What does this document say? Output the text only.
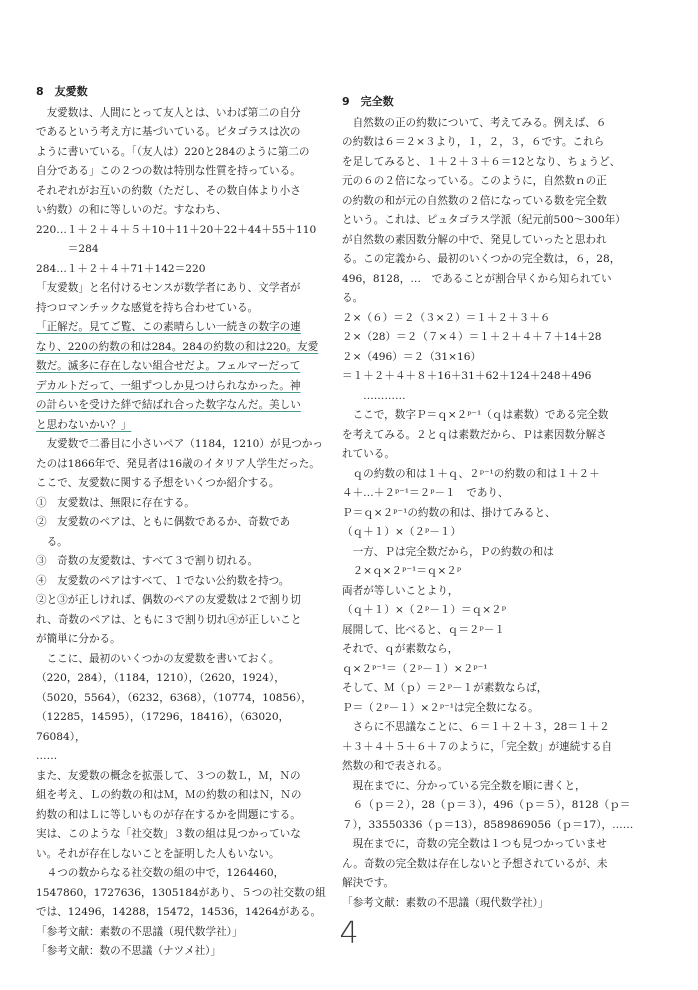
8　友愛数

　友愛数は、人間にとって友人とは、いわば第二の自分

であるという考え方に基づいている。ピタゴラスは次の

ように書いている。「（友人は）220と284のように第二の

自分である」この２つの数は特別な性質を持っている。

それぞれがお互いの約数（ただし、その数自体より小さ

い約数）の和に等しいのだ。すなわち、

220…１＋２＋４＋５＋10＋11＋20＋22＋44＋55＋110

　　　＝284

284…１＋２＋４＋71＋142＝220

「友愛数」と名付けるセンスが数学者にあり、文学者が

持つロマンチックな感覚を持ち合わせている。

「正解だ。見てご覧、この素晴らしい一続きの数字の連

なり、220の約数の和は284。284の約数の和は220。友愛

数だ。滅多に存在しない組合せだよ。フェルマーだって

デカルトだって、一組ずつしか見つけられなかった。神

の計らいを受けた絆で結ばれ合った数字なんだ。美しい

と思わないかい？」

　友愛数で二番目に小さいペア（1184，1210）が見つかっ

たのは1866年で、発見者は16歳のイタリア人学生だった。

ここで、友愛数に関する予想をいくつか紹介する。

①　友愛数は、無限に存在する。

②　友愛数のペアは、ともに偶数であるか、奇数であ

　る。

③　奇数の友愛数は、すべて３で割り切れる。

④　友愛数のペアはすべて、１でない公約数を持つ。

②と③が正しければ、偶数のペアの友愛数は２で割り切

れ、奇数のペアは、ともに３で割り切れ④が正しいこと

が簡単に分かる。

　ここに、最初のいくつかの友愛数を書いておく。

（220，284），（1184，1210），（2620，1924），

（5020，5564），（6232，6368），（10774，10856），

（12285，14595），（17296，18416），（63020，76084），

……

また、友愛数の概念を拡張して、３つの数Ｌ，Ｍ，Ｎの

組を考え、Ｌの約数の和はＭ，Ｍの約数の和はＮ，Ｎの

約数の和はＬに等しいものが存在するかを問題にする。

実は、このような「社交数」３数の組は見つかっていな

い。それが存在しないことを証明した人もいない。

　４つの数からなる社交数の組の中で，1264460，

1547860，1727636，1305184があり、５つの社交数の組

では、12496，14288，15472，14536，14264がある。

「参考文献：素数の不思議（現代数学社）」

「参考文献：数の不思議（ナツメ社）」

9　完全数

　自然数の正の約数について、考えてみる。例えば、６

の約数は６＝２×３より，１，２，３，６です。これら

を足してみると、１＋２＋３＋６＝12となり、ちょうど、

元の６の２倍になっている。このように，自然数ｎの正

の約数の和が元の自然数の２倍になっている数を完全数

という。これは、ピュタゴラス学派（紀元前500～300年）

が自然数の素因数分解の中で、発見していったと思われ

る。この定義から、最初のいくつかの完全数は，６，28，

496，8128，…　であることが割合早くから知られてい

る。

２×（６）＝２（３×２）＝１＋２＋３＋６

２×（28）＝２（７×４）＝１＋２＋４＋７＋14＋28

２×（496）＝２（31×16）

＝１＋２＋４＋８＋16＋31＋62＋124＋248＋496

　　…………

　ここで，数字Ｐ＝ｑ×２ᵖ⁻¹（ｑは素数）である完全数

を考えてみる。２とｑは素数だから、Ｐは素因数分解さ

れている。

　ｑの約数の和は１＋ｑ、２ᵖ⁻¹の約数の和は１＋２＋

４＋…＋２ᵖ⁻¹＝２ᵖ－１　であり、

Ｐ＝ｑ×２ᵖ⁻¹の約数の和は、掛けてみると、

（ｑ＋１）×（２ᵖ－１）

　一方、Ｐは完全数だから，Ｐの約数の和は

　２×ｑ×２ᵖ⁻¹＝ｑ×２ᵖ

両者が等しいことより，

（ｑ＋１）×（２ᵖ－１）＝ｑ×２ᵖ

展開して、比べると、ｑ＝２ᵖ－１

それで、ｑが素数なら，

ｑ×２ᵖ⁻¹＝（２ᵖ－１）×２ᵖ⁻¹

そして、Ｍ（ｐ）＝２ᵖ－１が素数ならば，

Ｐ＝（２ᵖ－１）×２ᵖ⁻¹は完全数になる。

　さらに不思議なことに、６＝１＋２＋３，28＝１＋２

＋３＋４＋５＋６＋７のように，「完全数」が連続する自

然数の和で表される。

　現在までに、分かっている完全数を順に書くと，

　６（ｐ＝２），28（ｐ＝３），496（ｐ＝５），8128（ｐ＝

７），33550336（ｐ＝13），8589869056（ｐ＝17），……

　現在までに，奇数の完全数は１つも見つかっていませ

ん。奇数の完全数は存在しないと予想されているが、未

解決です。

「参考文献：素数の不思議（現代数学社）」

4
